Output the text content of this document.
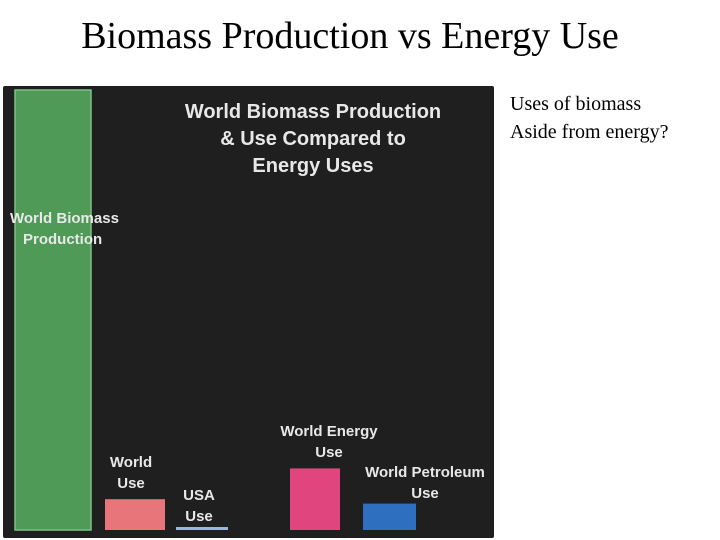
Biomass Production vs Energy Use
Uses of biomass
Aside from energy?
World Biomass Production
& Use Compared to
Energy Uses
World Biomass
Production
World
Use
USA
Use
World Energy
Use
World Petroleum
Use
